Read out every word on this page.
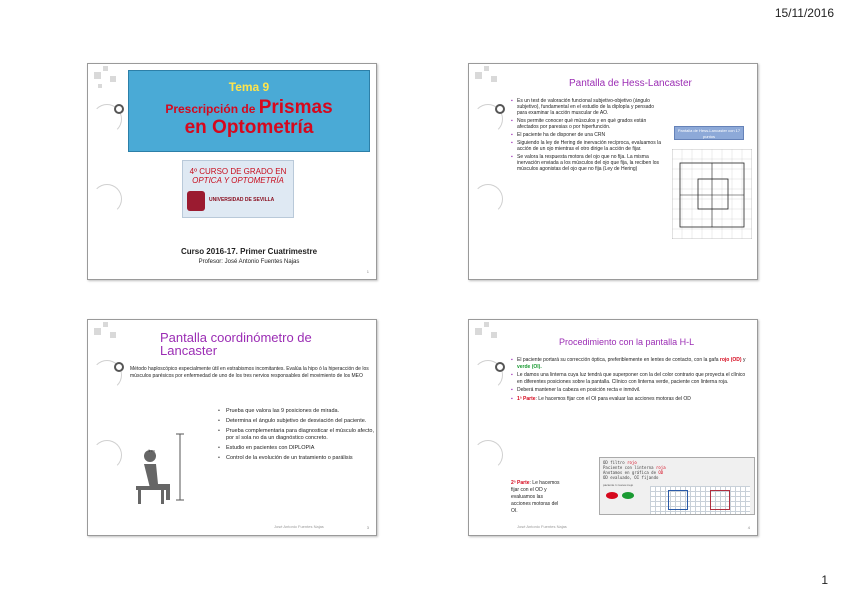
15/11/2016
Tema 9
Prescripción de Prismas
en Optometría
4º CURSO DE GRADO EN
OPTICA Y OPTOMETRÍA
UNIVERSIDAD DE SEVILLA
Curso 2016-17. Primer Cuatrimestre
Profesor: José Antonio Fuentes Najas
1
Pantalla de Hess-Lancaster
▪ Es un test de valoración funcional subjetivo-objetivo (ángulo subjetivo), fundamental en el estudio de la diplopía y pensado para examinar la acción muscular de AO.
▪ Nos permite conocer qué músculos y en qué grados están afectados por paresias o por hiperfunción.
▪ El paciente ha de disponer de una CRN
▪ Siguiendo la ley de Hering de inervación recíproca, evaluamos la acción de un ojo mientras el otro dirige la acción de fijar.
▪ Se valora la respuesta motora del ojo que no fija. La misma inervación enviada a los músculos del ojo que fija, la reciben los músculos agonistas del ojo que no fija (Ley de Hering)
Pantalla de Hess-Lancaster con 17 puntos
Pantalla coordinómetro de Lancaster
Método haploscópico especialmente útil en estrabismos incomitantes. Evalúa la hipo ó la hiperacción de los músculos parésicos por enfermedad de uno de los tres nervios responsables del movimiento de los MEO
• Prueba que valora las 9 posiciones de mirada.
• Determina el ángulo subjetivo de desviación del paciente.
• Prueba complementaria para diagnosticar el músculo afecto, por sí sola no da un diagnóstico concreto.
• Estudio en pacientes con DIPLOPIA
• Control de la evolución de un tratamiento o parálisis
1 m
José Antonio Fuentes Najas	3
Procedimiento con la pantalla H-L
▪ El paciente portará su corrección óptica, preferiblemente en lentes de contacto, con la gafa rojo (OD) y verde (OI).
▪ Le damos una linterna cuya luz tendrá que superponer con la del color contrario que proyecta el clínico en diferentes posiciones sobre la pantalla. Clínico con linterna verde, paciente con linterna roja.
▪ Deberá mantener la cabeza en posición recta e inmóvil.
▪ 1ª Parte: Le hacemos fijar con el OI para evaluar las acciones motoras del OD
2ª Parte: Le hacemos fijar con el OD y evaluamos las acciones motoras del OI.
OD filtro rojo
Paciente con linterna roja
Anotamos en gráfica de OD
OD evaluado, OI fijando
paciente 1 nueva mejo
José Antonio Fuentes Najas	4
1
